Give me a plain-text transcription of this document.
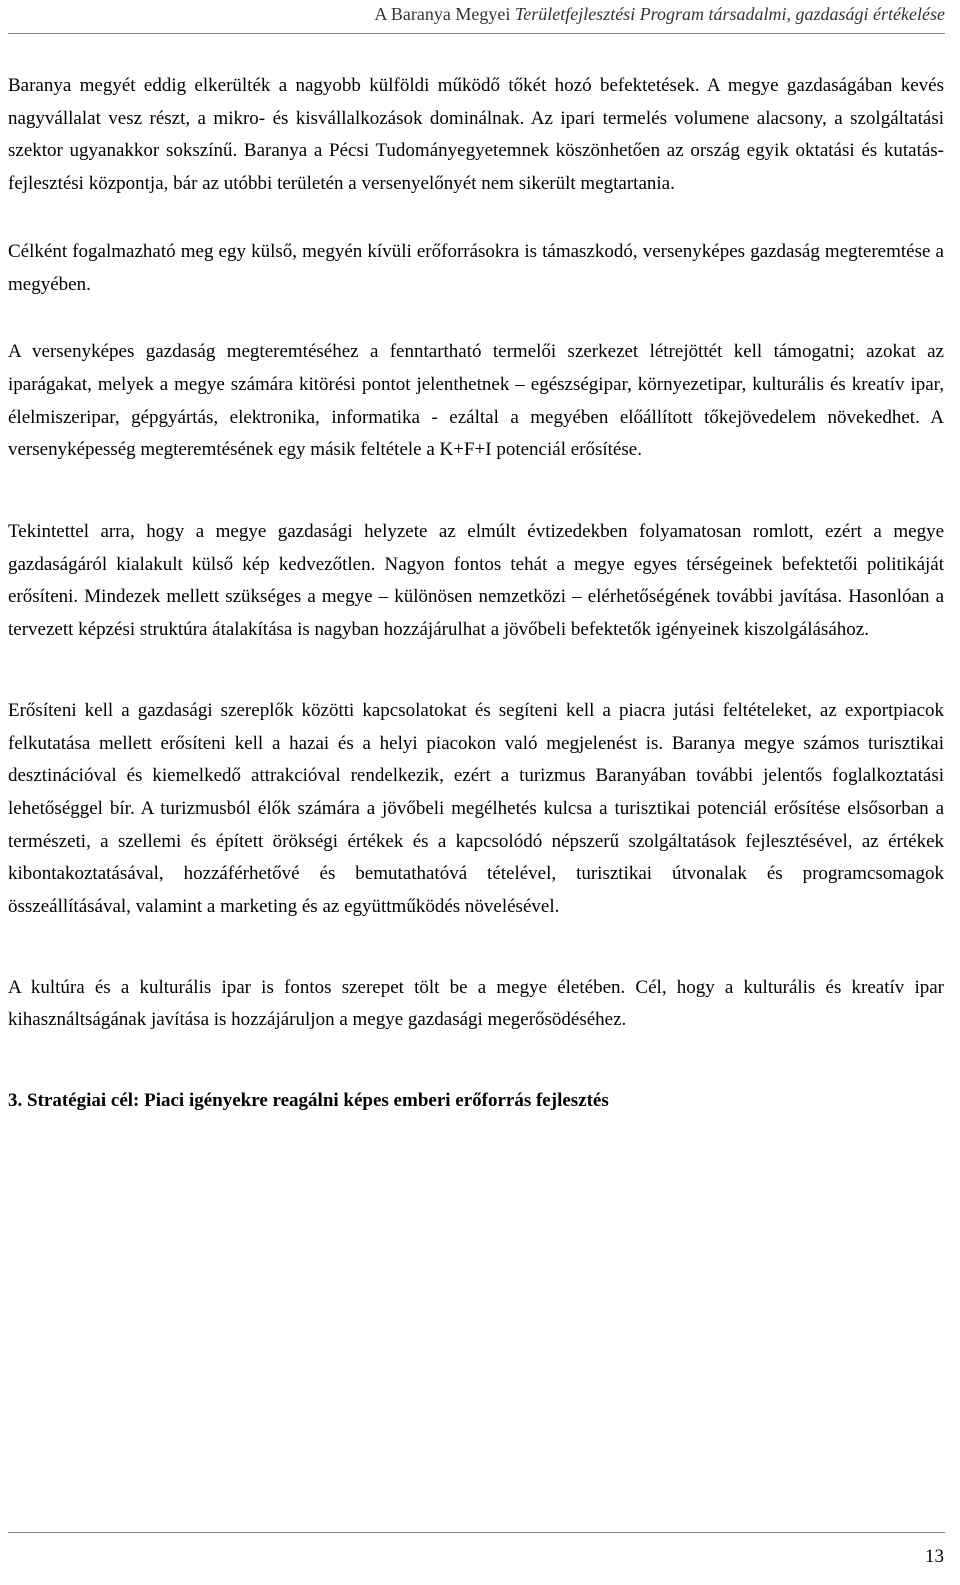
A Baranya Megyei Területfejlesztési Program társadalmi, gazdasági értékelése

Baranya megyét eddig elkerülték a nagyobb külföldi működő tőkét hozó befektetések. A megye gazdaságában kevés nagyvállalat vesz részt, a mikro- és kisvállalkozások dominálnak. Az ipari termelés volumene alacsony, a szolgáltatási szektor ugyanakkor sokszínű. Baranya a Pécsi Tudományegyetemnek köszönhetően az ország egyik oktatási és kutatás-fejlesztési központja, bár az utóbbi területén a versenyelőnyét nem sikerült megtartania.

Célként fogalmazható meg egy külső, megyén kívüli erőforrásokra is támaszkodó, versenyképes gazdaság megteremtése a megyében.

A versenyképes gazdaság megteremtéséhez a fenntartható termelői szerkezet létrejöttét kell támogatni; azokat az iparágakat, melyek a megye számára kitörési pontot jelenthetnek – egészségipar, környezetipar, kulturális és kreatív ipar, élelmiszeripar, gépgyártás, elektronika, informatika - ezáltal a megyében előállított tőkejövedelem növekedhet. A versenyképesség megteremtésének egy másik feltétele a K+F+I potenciál erősítése.

Tekintettel arra, hogy a megye gazdasági helyzete az elmúlt évtizedekben folyamatosan romlott, ezért a megye gazdaságáról kialakult külső kép kedvezőtlen. Nagyon fontos tehát a megye egyes térségeinek befektetői politikáját erősíteni. Mindezek mellett szükséges a megye – különösen nemzetközi – elérhetőségének további javítása. Hasonlóan a tervezett képzési struktúra átalakítása is nagyban hozzájárulhat a jövőbeli befektetők igényeinek kiszolgálásához.

Erősíteni kell a gazdasági szereplők közötti kapcsolatokat és segíteni kell a piacra jutási feltételeket, az exportpiacok felkutatása mellett erősíteni kell a hazai és a helyi piacokon való megjelenést is. Baranya megye számos turisztikai desztinációval és kiemelkedő attrakcióval rendelkezik, ezért a turizmus Baranyában további jelentős foglalkoztatási lehetőséggel bír. A turizmusból élők számára a jövőbeli megélhetés kulcsa a turisztikai potenciál erősítése elsősorban a természeti, a szellemi és épített örökségi értékek és a kapcsolódó népszerű szolgáltatások fejlesztésével, az értékek kibontakoztatásával, hozzáférhetővé és bemutathatóvá tételével, turisztikai útvonalak és programcsomagok összeállításával, valamint a marketing és az együttműködés növelésével.

A kultúra és a kulturális ipar is fontos szerepet tölt be a megye életében. Cél, hogy a kulturális és kreatív ipar kihasználtságának javítása is hozzájáruljon a megye gazdasági megerősödéséhez.

3. Stratégiai cél: Piaci igényekre reagálni képes emberi erőforrás fejlesztés

13
